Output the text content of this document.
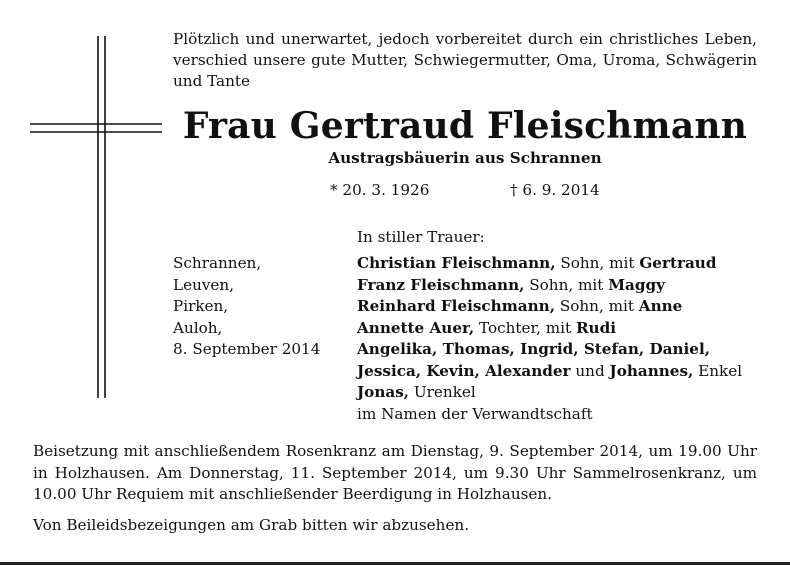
Plötzlich und unerwartet, jedoch vorbereitet durch ein christliches Leben, verschied unsere gute Mutter, Schwiegermutter, Oma, Uroma, Schwägerin und Tante
Frau Gertraud Fleischmann
Austragsbäuerin aus Schrannen
* 20. 3. 1926	† 6. 9. 2014
In stiller Trauer:
Schrannen,
Leuven,
Pirken,
Auloh,
8. September 2014
Christian Fleischmann, Sohn, mit Gertraud
Franz Fleischmann, Sohn, mit Maggy
Reinhard Fleischmann, Sohn, mit Anne
Annette Auer, Tochter, mit Rudi
Angelika, Thomas, Ingrid, Stefan, Daniel,
Jessica, Kevin, Alexander und Johannes, Enkel
Jonas, Urenkel
im Namen der Verwandtschaft
Beisetzung mit anschließendem Rosenkranz am Dienstag, 9. September 2014, um 19.00 Uhr in Holzhausen. Am Donnerstag, 11. September 2014, um 9.30 Uhr Sammelrosenkranz, um 10.00 Uhr Requiem mit anschließender Beerdigung in Holzhausen.
Von Beileidsbezeigungen am Grab bitten wir abzusehen.
